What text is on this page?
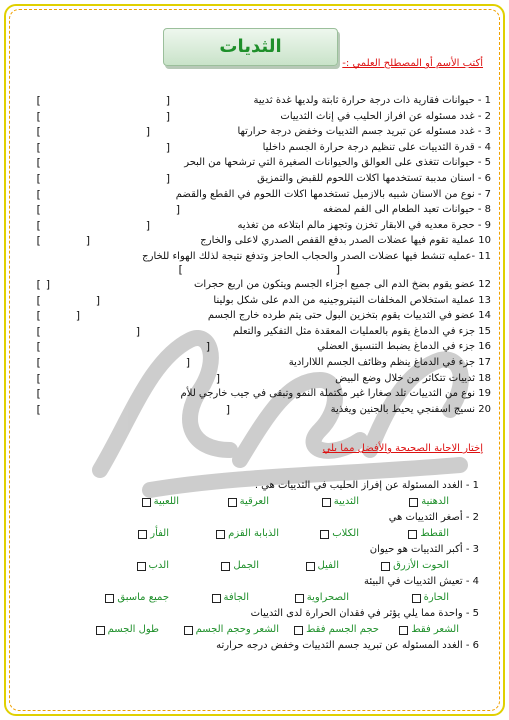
الثديات
أكتب الأسم أو المصطلح العلمي :-
1 - حيوانات فقارية ذات درجة حرارة ثابتة ولديها غدة ثديية
]	[
2 - غدد مسئوله عن افراز الحليب في إناث الثدييات
]	[
3 - غدد مسئوله عن تبريد جسم الثدييات وخفض درجة حرارتها
]	[
4 - قدرة الثدييات على تنظيم درجة حرارة الجسم داخليا
]	[
5 - حيوانات تتغذى على العوالق والحيوانات الصغيرة التي ترشحها من البحر
]
6 - اسنان مدببة تستخدمها اكلات اللحوم للقبض والتمزيق
]	[
7 - نوع من الاسنان شبيه بالازميل تستخدمها اكلات اللحوم في القطع والقضم
]
8 - حيوانات تعيد الطعام الى الفم لمضغه
]	[
9 - حجرة معديه في الابقار تخزن وتجهز مالم ابتلاعه من تغذيه
]	[
10 عملية تقوم فيها عضلات الصدر بدفع القفص الصدري لاعلى والخارج
]	[
11 -عمليه تنشط فيها عضلات الصدر والحجاب الحاجز وتدفع نتيجة لذلك الهواء للخارج
]	[
12 عضو يقوم بضخ الدم الى جميع اجزاء الجسم ويتكون من اربع حجرات
] [
13 عملية استخلاص المخلفات النيتروجينيه من الدم على شكل بولينا
]	[
14 عضو في الثدييات يقوم بتخزين البول حتى يتم طرده خارج الجسم
]	[
15 جزء في الدماغ يقوم بالعمليات المعقدة مثل التفكير والتعلم
]	[
16 جزء في الدماغ يضبط التنسيق العضلي
]	[
17 جزء في الدماغ ينظم وظائف الجسم اللاارادية
]	[
18 ثدييات تتكاثر من خلال وضع البيض
]	[
19 نوع من الثدييات تلد صغارا غير مكتملة النمو وتبقى في جيب خارجي للأم
]
20 نسيج اسفنجي يحيط بالجنين ويغذية
]	[
إختار الاجابة الصحيحة والأفضل مما يلي
1 - الغدد المسئولة عن إفراز الحليب في الثدييات هي .
الدهنية
الثديية
العرقية
اللعبية
2 - أصغر الثدييات هي
القطط
الكلاب
الذبابة القزم
الفأر
3 - أكبر الثدييات هو حيوان
الحوت الأزرق
الفيل
الجمل
الدب
4 - تعيش الثدييات في البيئة
الحارة
الصحراوية
الجافة
جميع ماسبق
5 - واحدة مما يلي يؤثر في فقدان الحرارة لدى الثدييات
الشعر فقط
حجم الجسم فقط
الشعر وحجم الجسم
طول الجسم
6 - الغدد المسئوله عن تبريد جسم الثدييات وخفض درجه حرارته
